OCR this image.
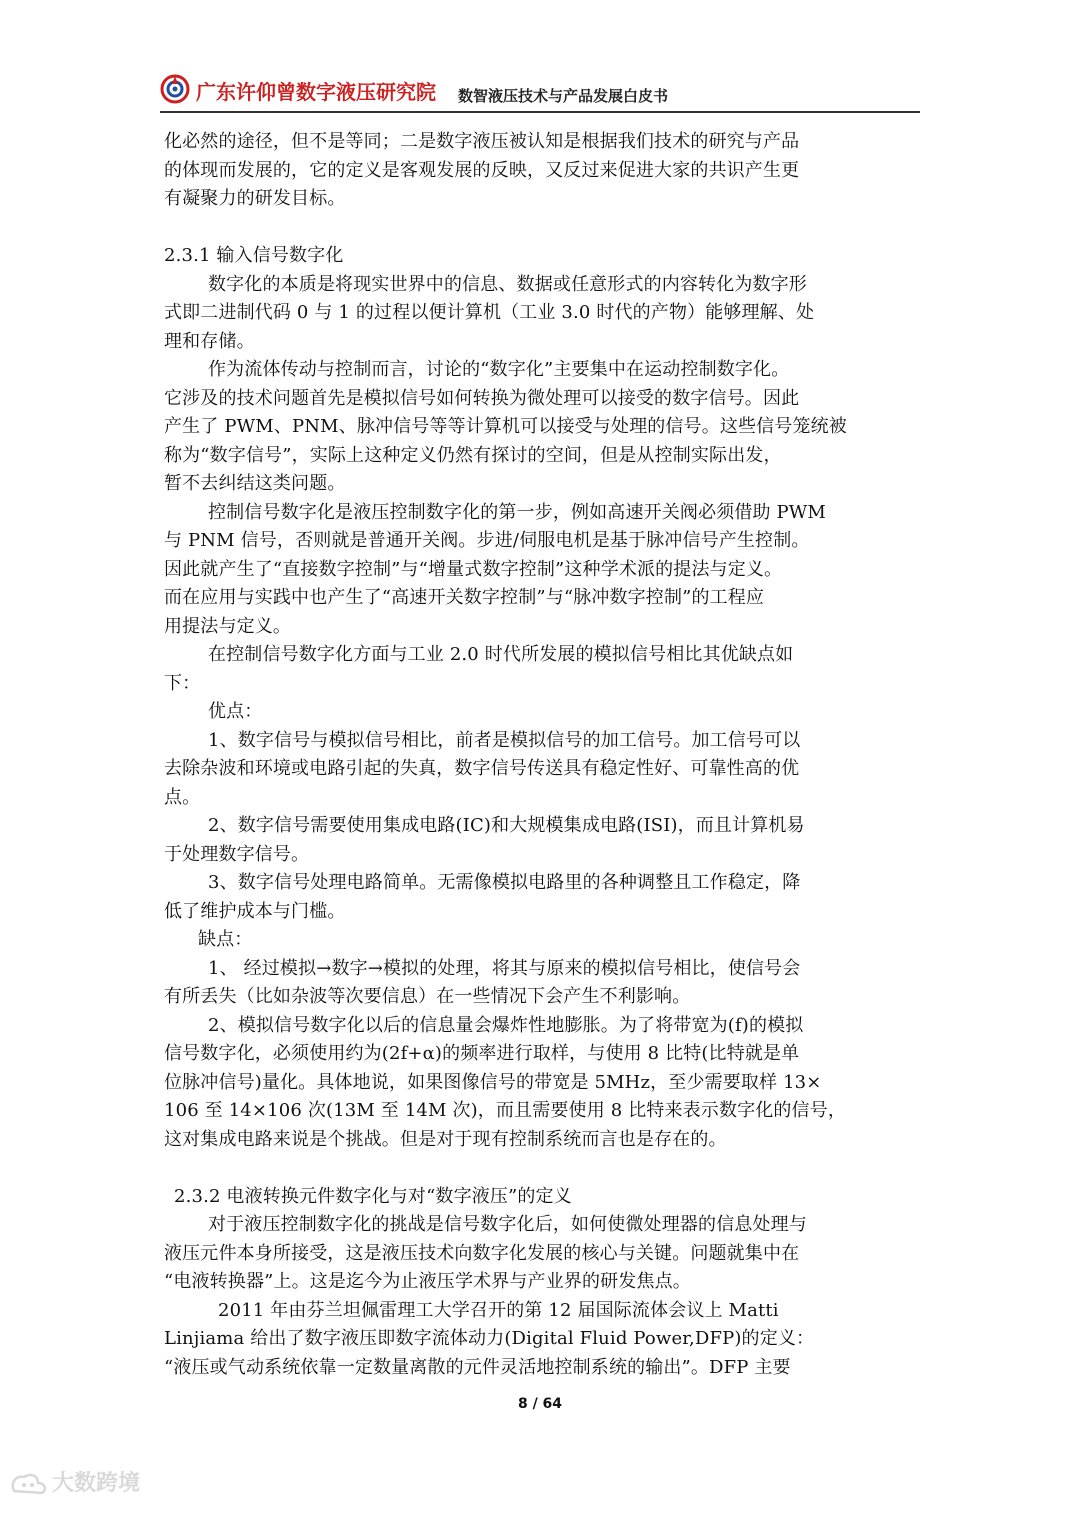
广东许仰曾数字液压研究院 数智液压技术与产品发展白皮书
化必然的途径，但不是等同；二是数字液压被认知是根据我们技术的研究与产品
的体现而发展的，它的定义是客观发展的反映，又反过来促进大家的共识产生更
有凝聚力的研发目标。
2.3.1 输入信号数字化
数字化的本质是将现实世界中的信息、数据或任意形式的内容转化为数字形
式即二进制代码 0 与 1 的过程以便计算机（工业 3.0 时代的产物）能够理解、处
理和存储。
作为流体传动与控制而言，讨论的“数字化”主要集中在运动控制数字化。
它涉及的技术问题首先是模拟信号如何转换为微处理可以接受的数字信号。因此
产生了 PWM、PNM、脉冲信号等等计算机可以接受与处理的信号。这些信号笼统被
称为“数字信号”，实际上这种定义仍然有探讨的空间，但是从控制实际出发，
暂不去纠结这类问题。
控制信号数字化是液压控制数字化的第一步，例如高速开关阀必须借助 PWM
与 PNM 信号，否则就是普通开关阀。步进/伺服电机是基于脉冲信号产生控制。
因此就产生了“直接数字控制”与“增量式数字控制”这种学术派的提法与定义。
而在应用与实践中也产生了“高速开关数字控制”与“脉冲数字控制”的工程应
用提法与定义。
在控制信号数字化方面与工业 2.0 时代所发展的模拟信号相比其优缺点如
下：
优点：
1、数字信号与模拟信号相比，前者是模拟信号的加工信号。加工信号可以
去除杂波和环境或电路引起的失真，数字信号传送具有稳定性好、可靠性高的优
点。
2、数字信号需要使用集成电路(IC)和大规模集成电路(ISI)，而且计算机易
于处理数字信号。
3、数字信号处理电路简单。无需像模拟电路里的各种调整且工作稳定，降
低了维护成本与门槛。
缺点：
1、 经过模拟→数字→模拟的处理，将其与原来的模拟信号相比，使信号会
有所丢失（比如杂波等次要信息）在一些情况下会产生不利影响。
2、模拟信号数字化以后的信息量会爆炸性地膨胀。为了将带宽为(f)的模拟
信号数字化，必须使用约为(2f+α)的频率进行取样，与使用 8 比特(比特就是单
位脉冲信号)量化。具体地说，如果图像信号的带宽是 5MHz，至少需要取样 13×
106 至 14×106 次(13M 至 14M 次)，而且需要使用 8 比特来表示数字化的信号，
这对集成电路来说是个挑战。但是对于现有控制系统而言也是存在的。
2.3.2 电液转换元件数字化与对“数字液压”的定义
对于液压控制数字化的挑战是信号数字化后，如何使微处理器的信息处理与
液压元件本身所接受，这是液压技术向数字化发展的核心与关键。问题就集中在
“电液转换器”上。这是迄今为止液压学术界与产业界的研发焦点。
2011 年由芬兰坦佩雷理工大学召开的第 12 届国际流体会议上 Matti
Linjiama 给出了数字液压即数字流体动力(Digital Fluid Power,DFP)的定义：
“液压或气动系统依靠一定数量离散的元件灵活地控制系统的输出”。DFP 主要
8 / 64
大数跨境
